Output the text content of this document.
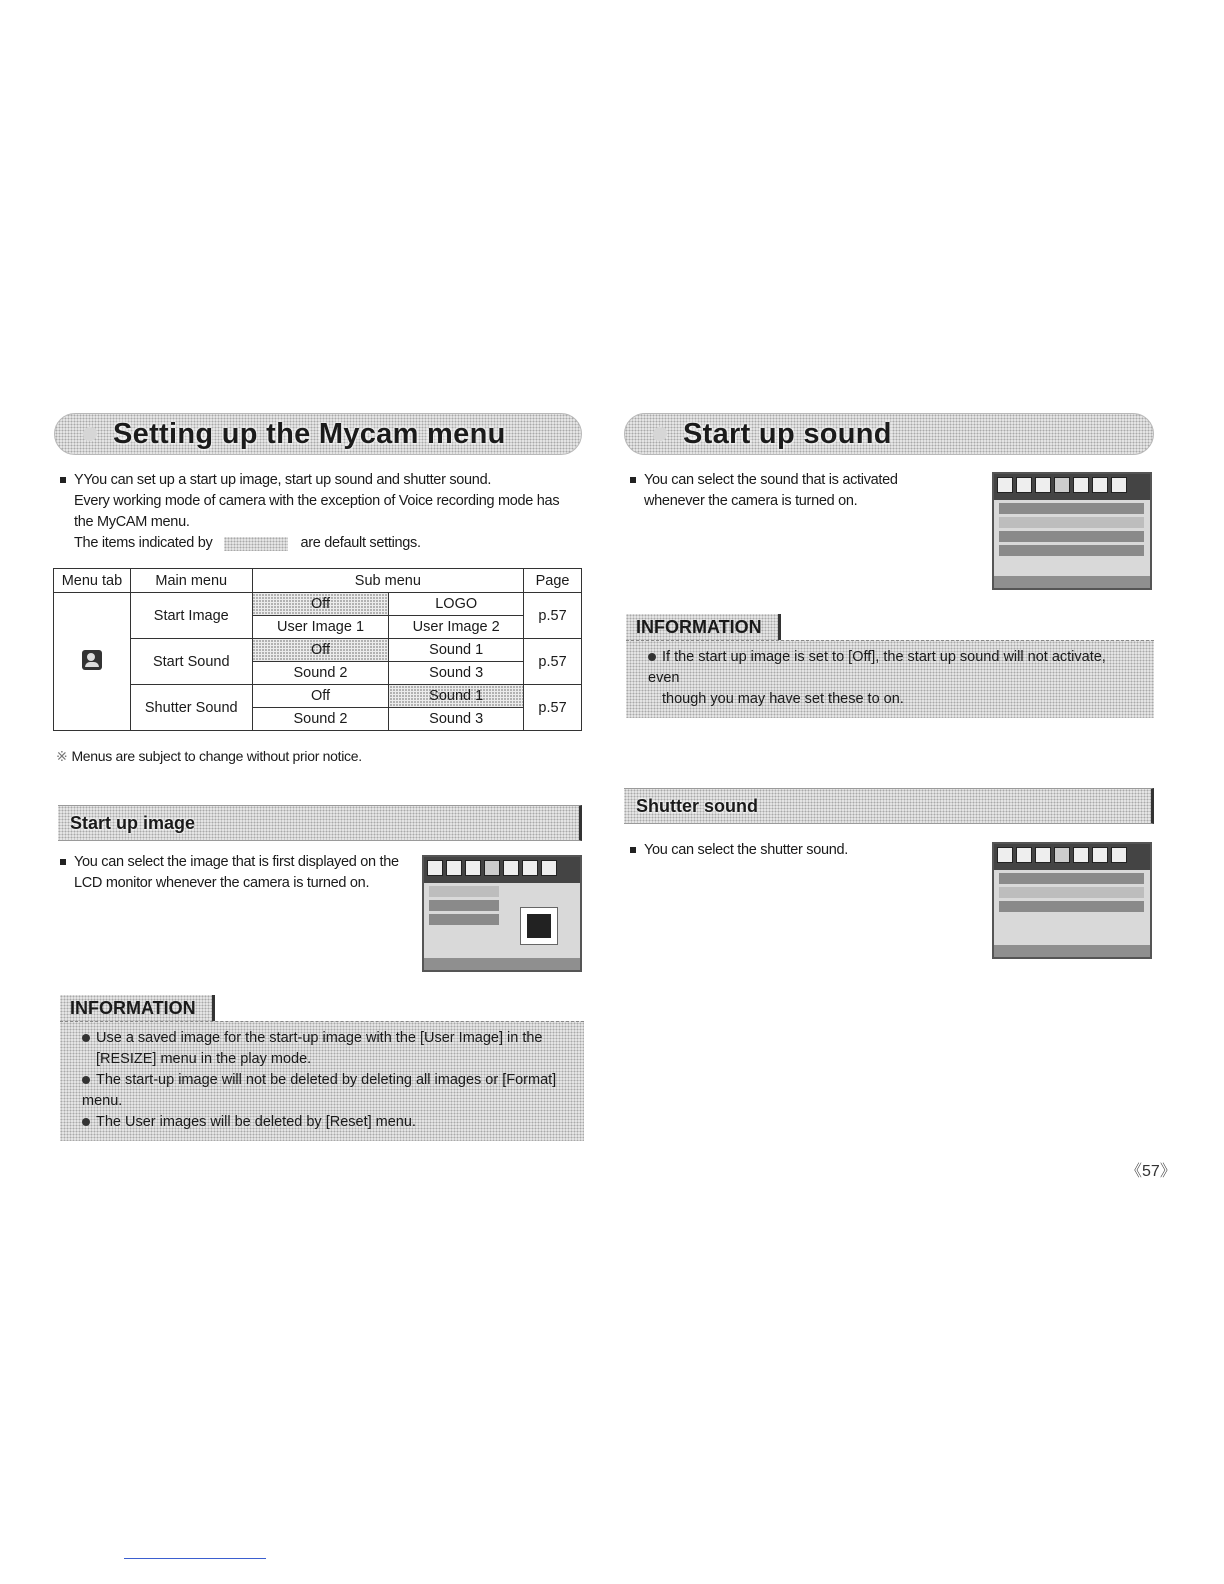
Setting up the Mycam menu
YYou can set up a start up image, start up sound and shutter sound.
Every working mode of camera with the exception of Voice recording mode has
the MyCAM menu.
The items indicated by	are default settings.
Menu tab	Main menu	Sub menu		Page

	Start Image	Off	LOGO	p.57
		User Image 1	User Image 2	
	Start Sound	Off	Sound 1	p.57
		Sound 2	Sound 3	
	Shutter Sound	Off	Sound 1	p.57
		Sound 2	Sound 3	
※ Menus are subject to change without prior notice.
Start up image
You can select the image that is first displayed on the
LCD monitor whenever the camera is turned on.
INFORMATION
Use a saved image for the start-up image with the [User Image] in the
[RESIZE] menu in the play mode.
The start-up image will not be deleted by deleting all images or [Format] menu.
The User images will be deleted by [Reset] menu.
Start up sound
You can select the sound that is activated
whenever the camera is turned on.
INFORMATION
If the start up image is set to [Off], the start up sound will not activate, even
though you may have set these to on.
Shutter sound
You can select the shutter sound.
《57》
